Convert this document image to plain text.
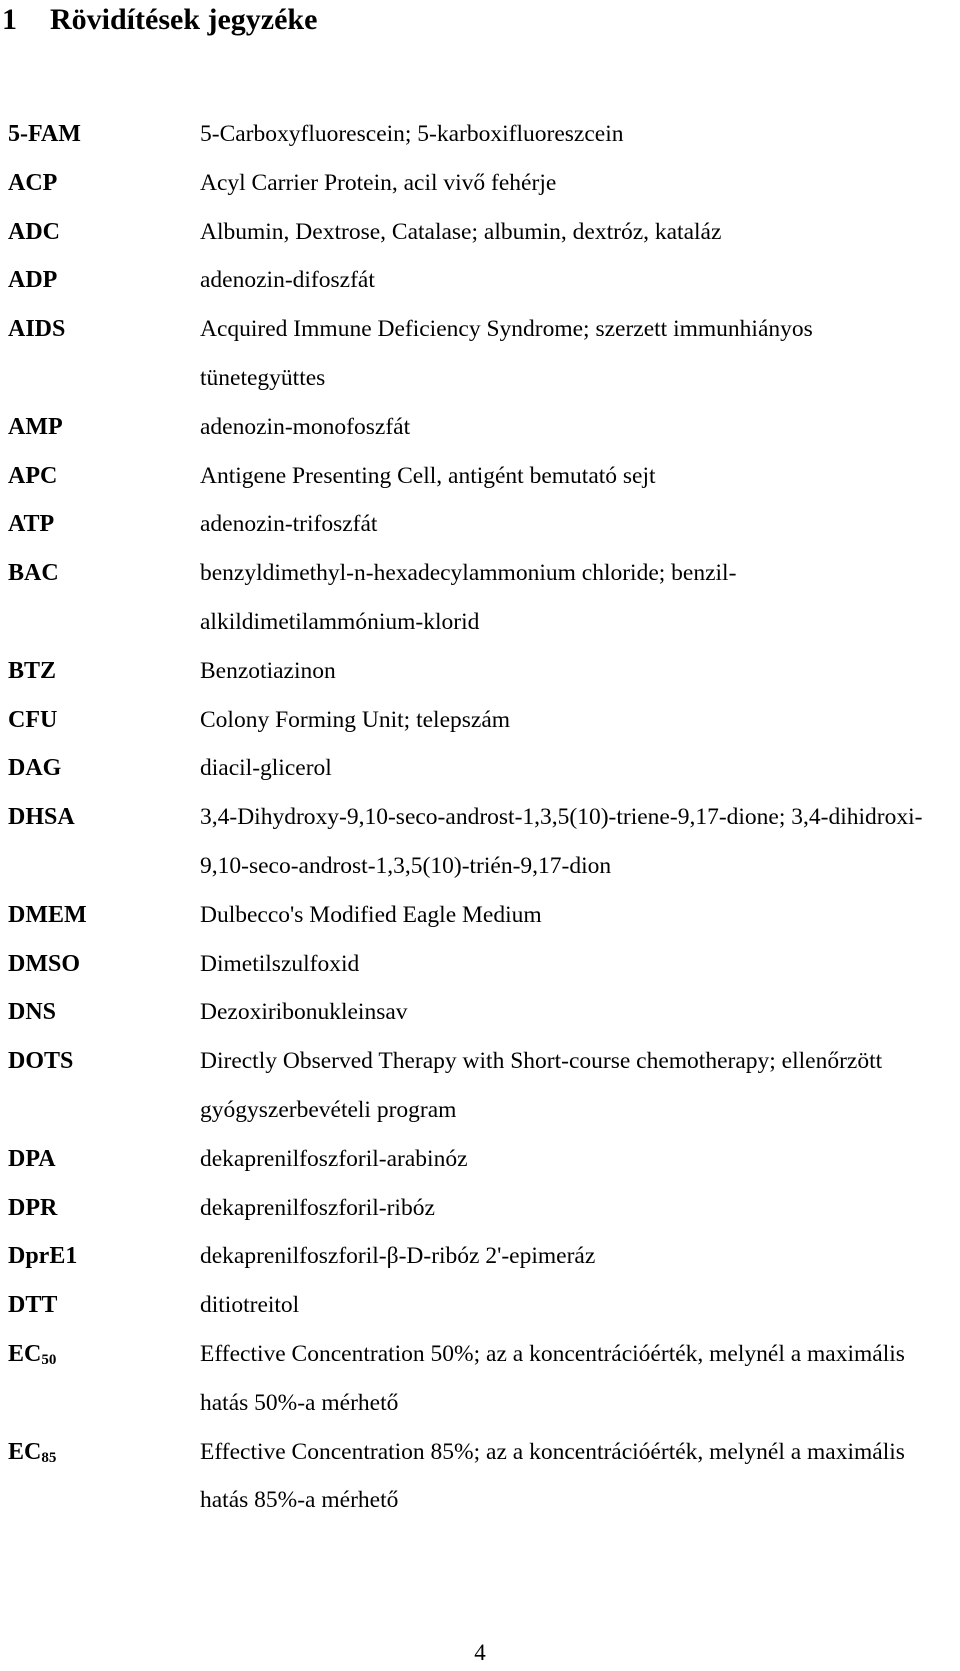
1 Rövidítések jegyzéke
5-FAM	5-Carboxyfluorescein; 5-karboxifluoreszcein
ACP	Acyl Carrier Protein, acil vivő fehérje
ADC	Albumin, Dextrose, Catalase; albumin, dextróz, kataláz
ADP	adenozin-difoszfát
AIDS	Acquired Immune Deficiency Syndrome; szerzett immunhiányos tünetegyüttes
AMP	adenozin-monofoszfát
APC	Antigene Presenting Cell, antigént bemutató sejt
ATP	adenozin-trifoszfát
BAC	benzyldimethyl-n-hexadecylammonium chloride; benzil-alkildimetilammónium-klorid
BTZ	Benzotiazinon
CFU	Colony Forming Unit; telepszám
DAG	diacil-glicerol
DHSA	3,4-Dihydroxy-9,10-seco-androst-1,3,5(10)-triene-9,17-dione; 3,4-dihidroxi-9,10-seco-androst-1,3,5(10)-trién-9,17-dion
DMEM	Dulbecco's Modified Eagle Medium
DMSO	Dimetilszulfoxid
DNS	Dezoxiribonukleinsav
DOTS	Directly Observed Therapy with Short-course chemotherapy; ellenőrzött gyógyszerbevételi program
DPA	dekaprenilfoszforil-arabinóz
DPR	dekaprenilfoszforil-ribóz
DprE1	dekaprenilfoszforil-β-D-ribóz 2'-epimeráz
DTT	ditiotreitol
$EC_{50}$	Effective Concentration 50%; az a koncentrációérték, melynél a maximális hatás 50%-a mérhető
$EC_{85}$	Effective Concentration 85%; az a koncentrációérték, melynél a maximális hatás 85%-a mérhető
4
